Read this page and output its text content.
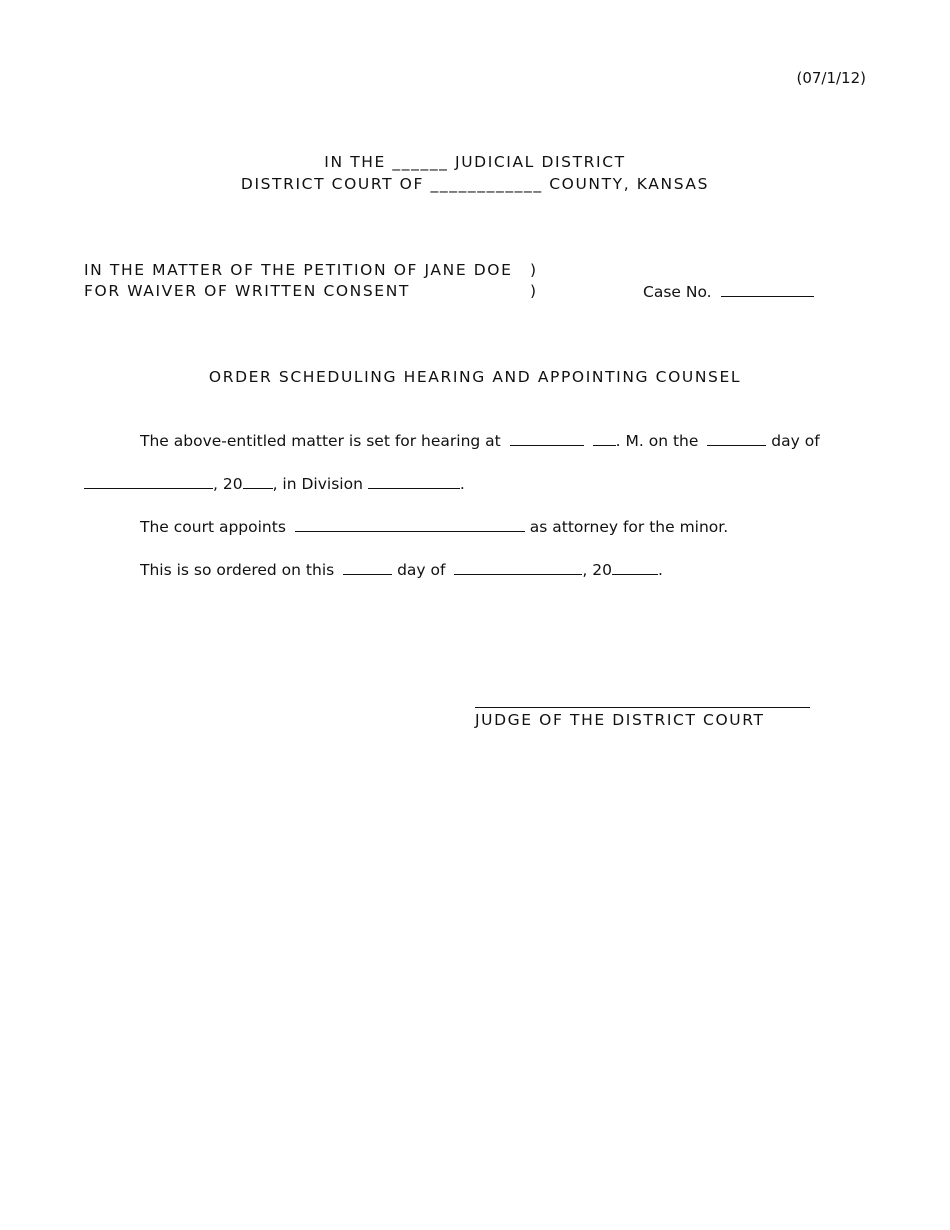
(07/1/12)
IN THE ______ JUDICIAL DISTRICT
DISTRICT COURT OF ____________ COUNTY, KANSAS
IN THE MATTER OF THE PETITION OF JANE DOE
FOR WAIVER OF WRITTEN CONSENT
)
)	Case No.
ORDER SCHEDULING HEARING AND APPOINTING COUNSEL
The above-entitled matter is set for hearing at	. M. on the	day of
, 20 , in Division	.
The court appoints	as attorney for the minor.
This is so ordered on this	day of	, 20	.
JUDGE OF THE DISTRICT COURT
